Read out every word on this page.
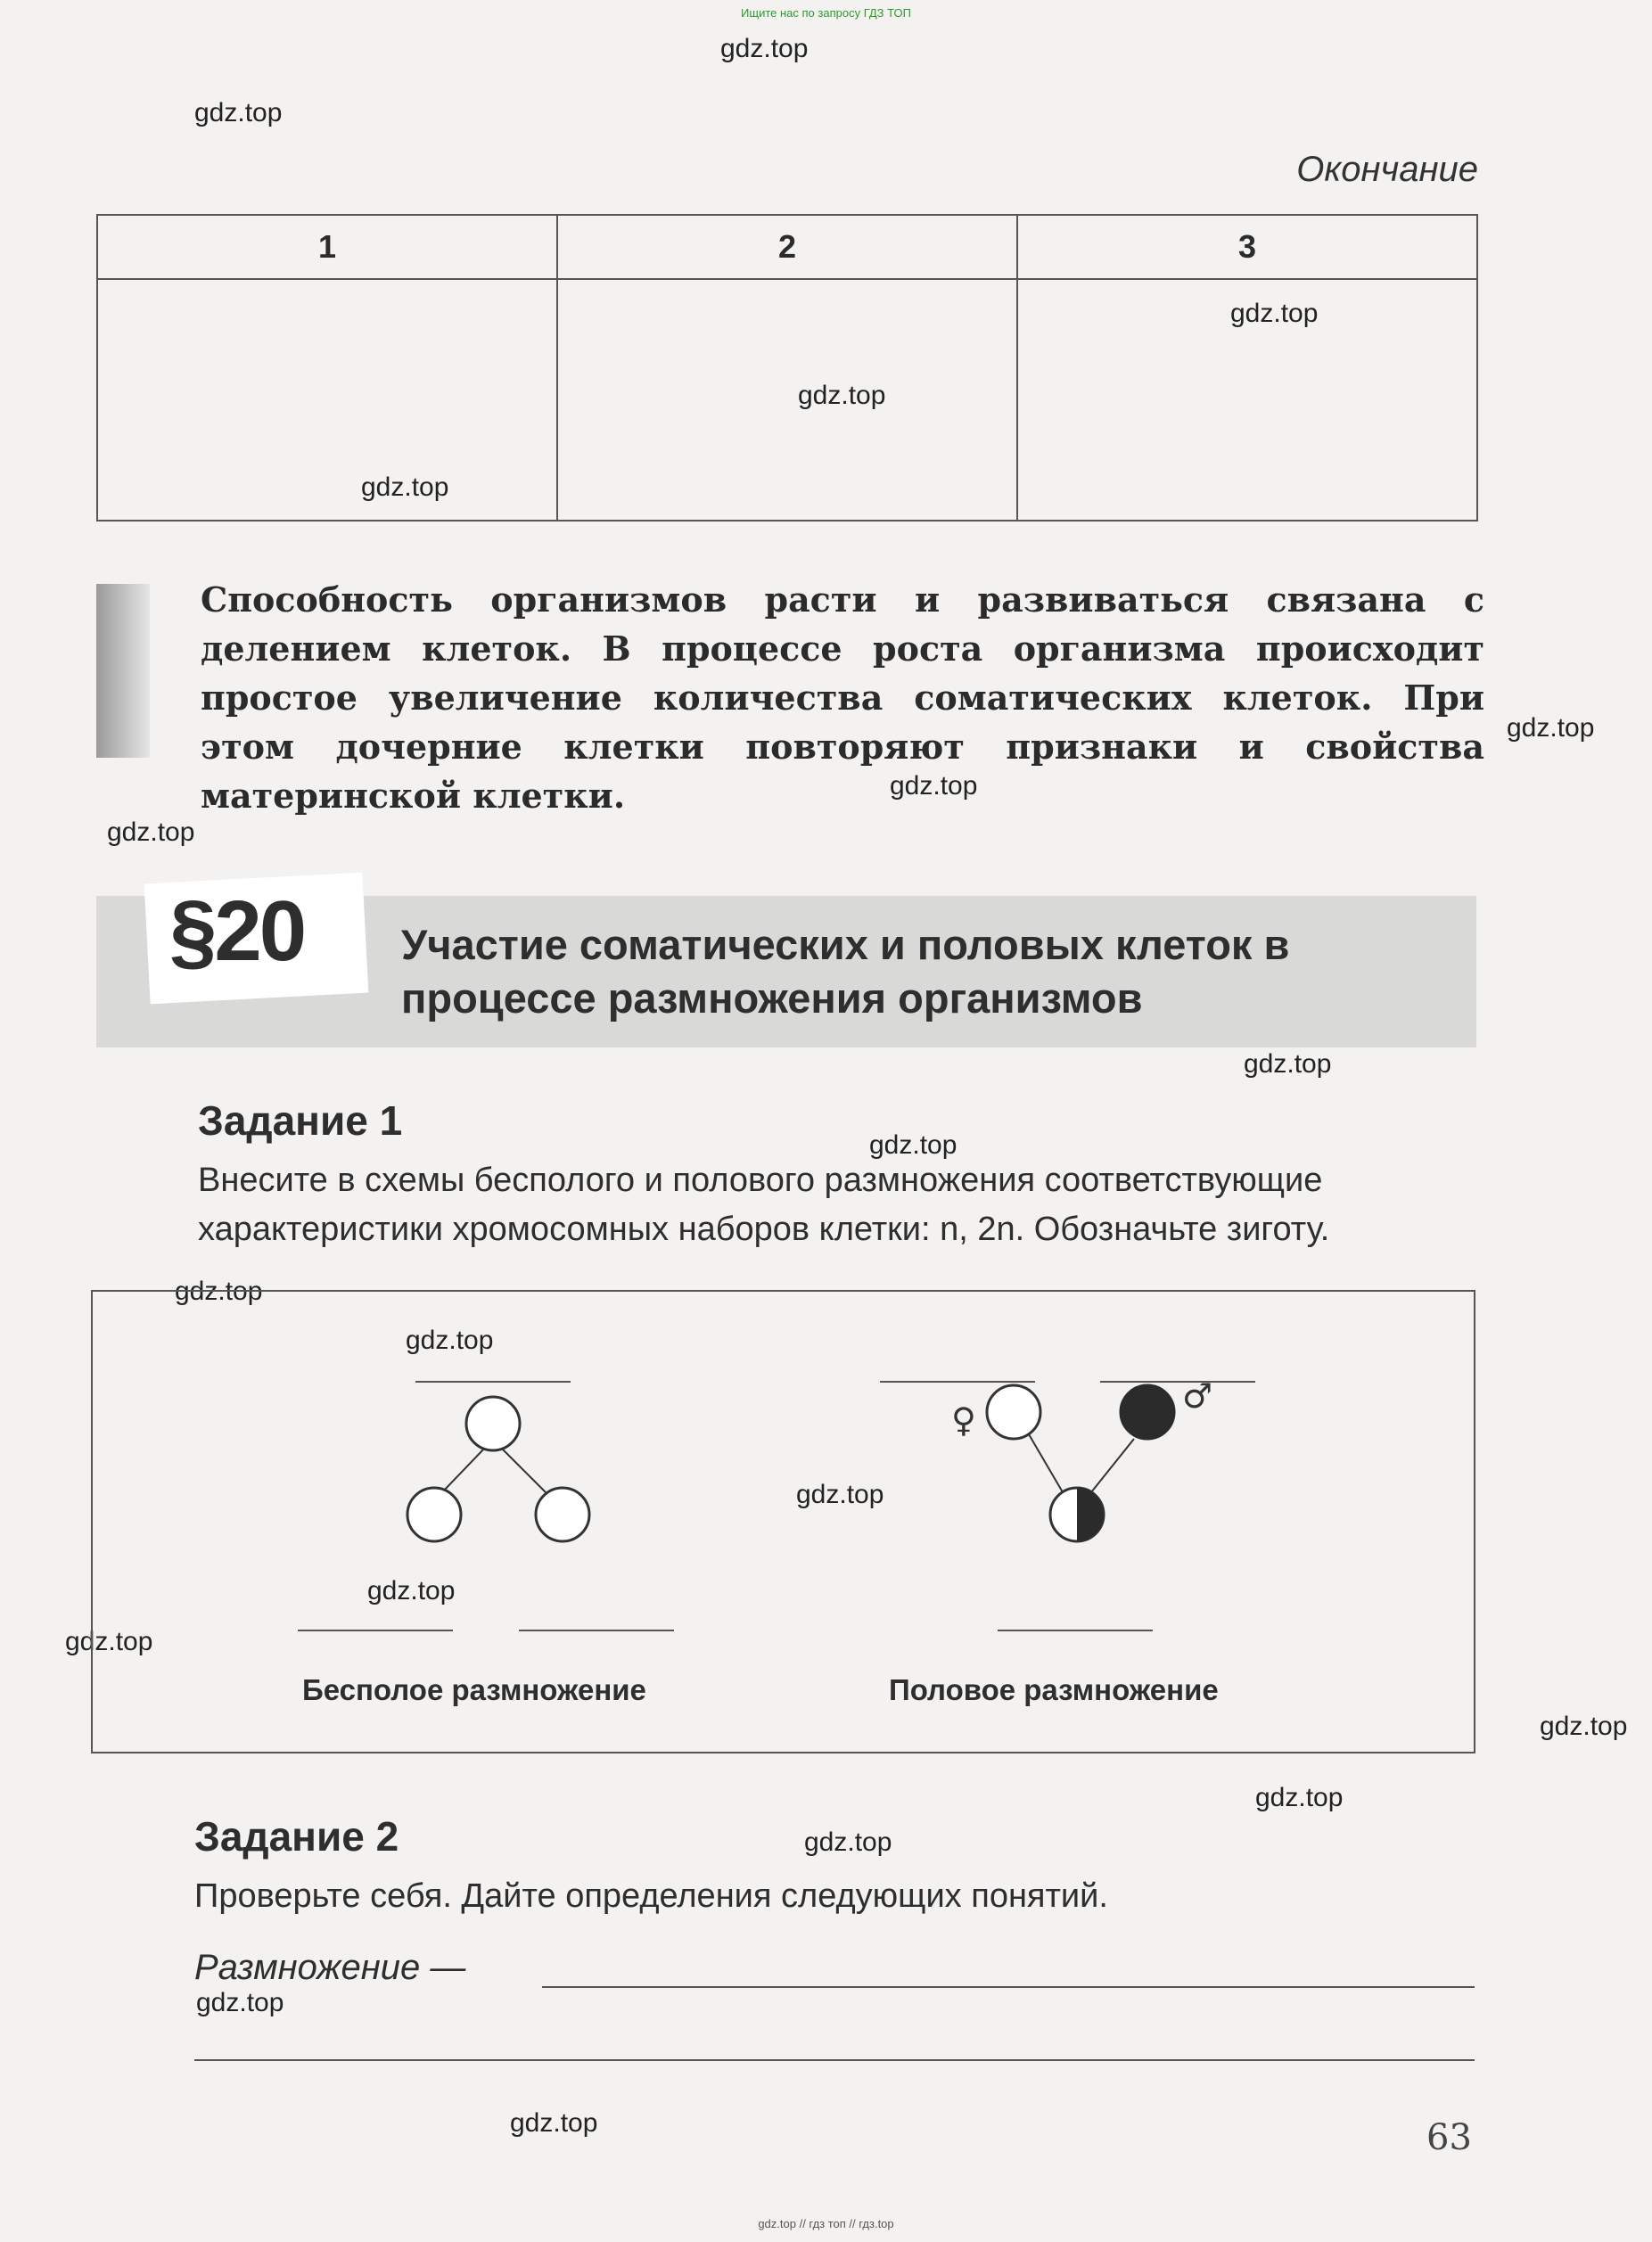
Ищите нас по запросу ГДЗ ТОП
gdz.top
gdz.top
gdz.top
gdz.top
gdz.top
gdz.top
gdz.top
gdz.top
gdz.top
gdz.top
gdz.top
gdz.top
gdz.top
gdz.top
gdz.top
gdz.top
gdz.top
gdz.top
gdz.top
gdz.top
Окончание
1	2	3
Способность организмов расти и развиваться связана с делением клеток. В процессе роста организма происходит простое увеличение количества соматических клеток. При этом дочерние клетки повторяют признаки и свойства материнской клетки.
§20 Участие соматических и половых клеток в процессе размножения организмов
Задание 1
Внесите в схемы бесполого и полового размножения соответствующие характеристики хромосомных наборов клетки: n, 2n. Обозначьте зиготу.
♀
♂
Бесполое размножение	Половое размножение
Задание 2
Проверьте себя. Дайте определения следующих понятий.
Размножение —
63
gdz.top // гдз топ // гдз.top
